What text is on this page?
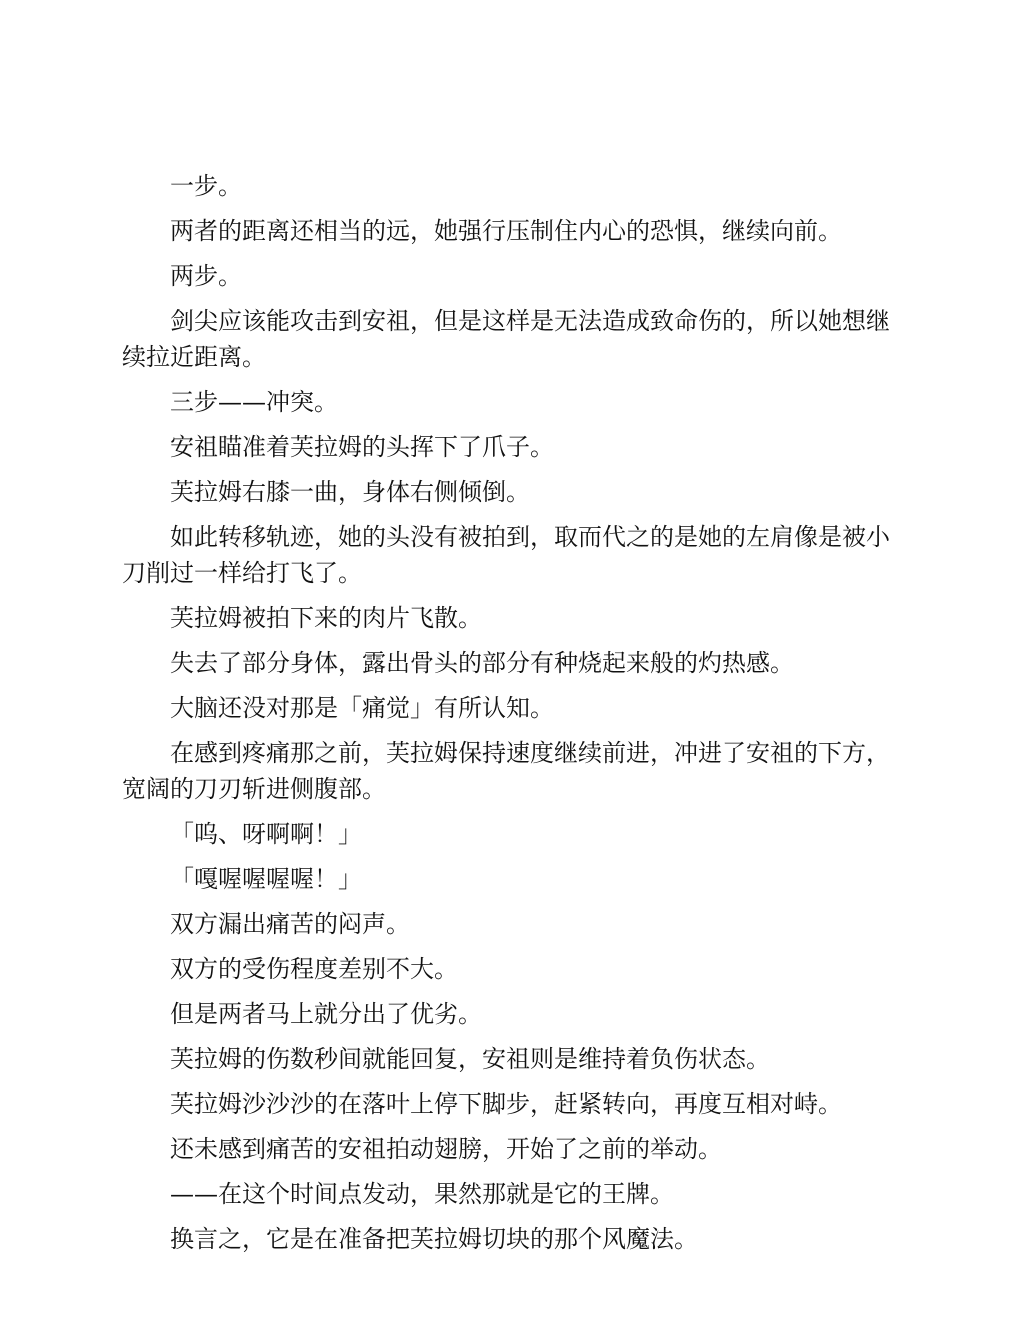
一步。

两者的距离还相当的远，她强行压制住内心的恐惧，继续向前。

两步。

剑尖应该能攻击到安祖，但是这样是无法造成致命伤的，所以她想继续拉近距离。

三步——冲突。

安祖瞄准着芙拉姆的头挥下了爪子。

芙拉姆右膝一曲，身体右侧倾倒。

如此转移轨迹，她的头没有被拍到，取而代之的是她的左肩像是被小刀削过一样给打飞了。

芙拉姆被拍下来的肉片飞散。

失去了部分身体，露出骨头的部分有种烧起来般的灼热感。

大脑还没对那是「痛觉」有所认知。

在感到疼痛那之前，芙拉姆保持速度继续前进，冲进了安祖的下方，宽阔的刀刃斩进侧腹部。

「呜、呀啊啊！」

「嘎喔喔喔喔！」

双方漏出痛苦的闷声。

双方的受伤程度差别不大。

但是两者马上就分出了优劣。

芙拉姆的伤数秒间就能回复，安祖则是维持着负伤状态。

芙拉姆沙沙沙的在落叶上停下脚步，赶紧转向，再度互相对峙。

还未感到痛苦的安祖拍动翅膀，开始了之前的举动。

——在这个时间点发动，果然那就是它的王牌。

换言之，它是在准备把芙拉姆切块的那个风魔法。
